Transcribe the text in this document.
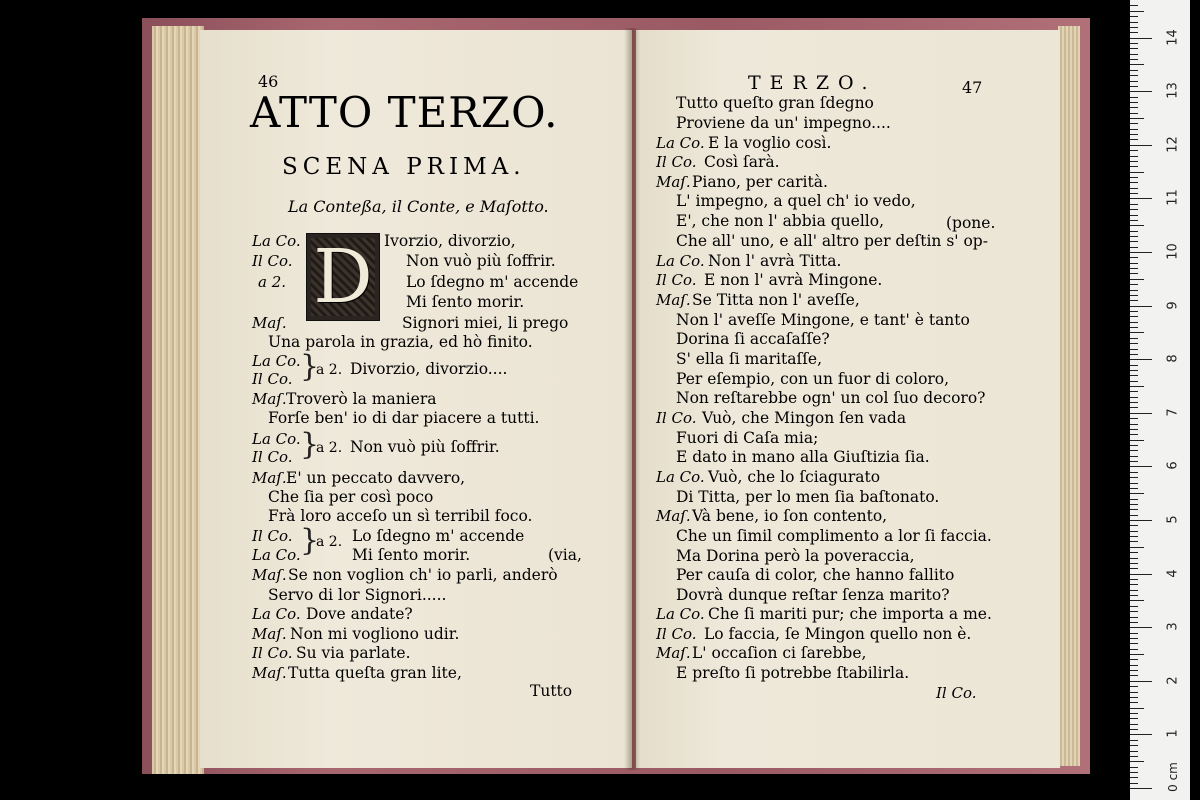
46
ATTO TERZO.
SCENA PRIMA.
La Conteßa, il Conte, e Maſotto.
D
La Co.	Ivorzio, divorzio,
Il Co.	Non vuò più ſoffrir.
a 2.	Lo ſdegno m' accende
Mi ſento morir.
Maſ.	Signori miei, li prego
Una parola in grazia, ed hò finito.
La Co.
Il Co. }
a 2. Divorzio, divorzio....
Maſ. Troverò la maniera
Forſe ben' io di dar piacere a tutti.
La Co.
Il Co. }
a 2. Non vuò più ſoffrir.
Maſ. E' un peccato davvero,
Che ſia per così poco
Frà loro acceſo un sì terribil foco.
Il Co.	Lo ſdegno m' accende
La Co.	Mi ſento morir.
}
a 2.
(via,
Maſ. Se non voglion ch' io parli, anderò
Servo di lor Signori.....
La Co. Dove andate?
Maſ. Non mi vogliono udir.
Il Co. Su via parlate.
Maſ. Tutta queſta gran lite,
Tutto
TERZO.	47
Tutto queſto gran ſdegno
Proviene da un' impegno....
La Co. E la voglio così.
Il Co. Così ſarà.
Maſ. Piano, per carità.
L' impegno, a quel ch' io vedo,
E', che non l' abbia quello,	(pone.
Che all' uno, e all' altro per deſtin s' op-
La Co. Non l' avrà Titta.
Il Co. E non l' avrà Mingone.
Maſ. Se Titta non l' aveſſe,
Non l' aveſſe Mingone, e tant' è tanto
Dorina ſi accaſaſſe?
S' ella ſi maritaſſe,
Per eſempio, con un fuor di coloro,
Non reſtarebbe ogn' un col ſuo decoro?
Il Co. Vuò, che Mingon ſen vada
Fuori di Caſa mia;
E dato in mano alla Giuſtizia ſia.
La Co. Vuò, che lo ſciagurato
Di Titta, per lo men ſia baſtonato.
Maſ. Và bene, io ſon contento,
Che un ſimil complimento a lor ſi faccia.
Ma Dorina però la poveraccia,
Per cauſa di color, che hanno fallito
Dovrà dunque reſtar ſenza marito?
La Co. Che ſi mariti pur; che importa a me.
Il Co. Lo faccia, ſe Mingon quello non è.
Maſ. L' occaſion ci ſarebbe,
E preſto ſi potrebbe ſtabilirla.
Il Co.
0 cm
1
2
3
4
5
6
7
8
9
10
11
12
13
14
